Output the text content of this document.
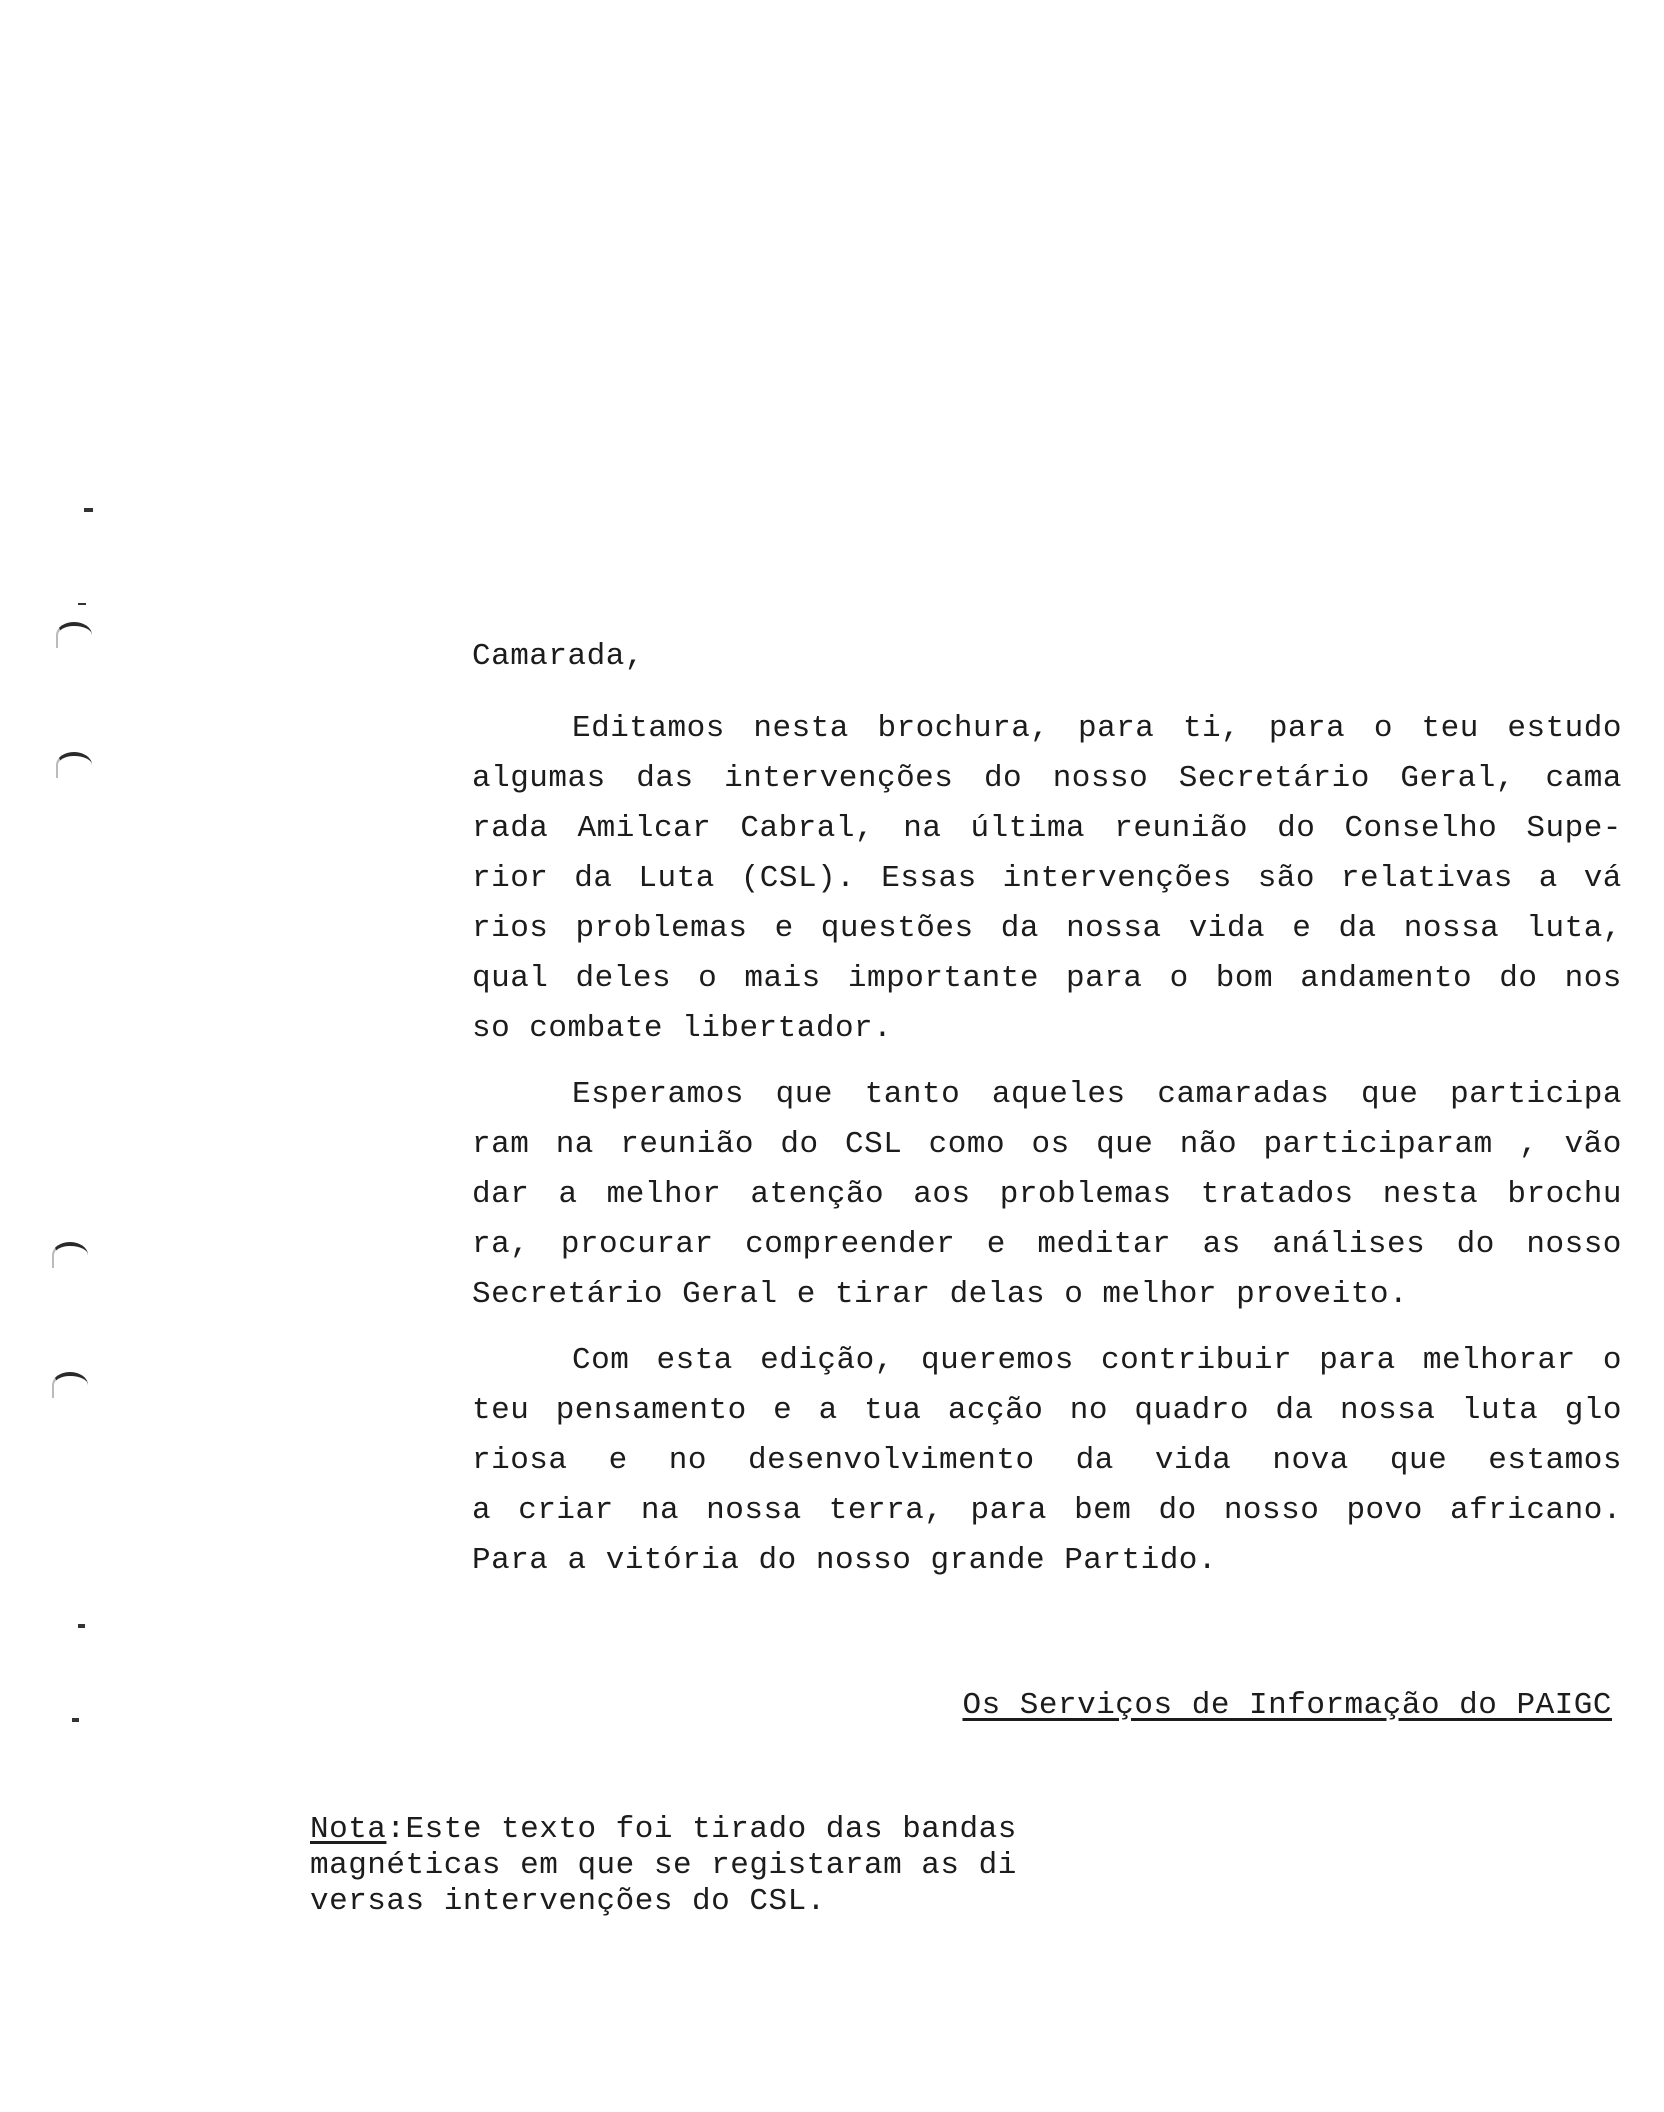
Camarada,
Editamos nesta brochura, para ti, para o teu estudo
algumas das intervenções do nosso Secretário Geral, cama
rada Amilcar Cabral, na última reunião do Conselho Supe-
rior da Luta (CSL). Essas intervenções são relativas a vá
rios problemas e questões da nossa vida e da nossa luta,
qual deles o mais importante para o bom andamento do nos
so combate libertador.
Esperamos que tanto aqueles camaradas que participa
ram na reunião do CSL como os que não participaram , vão
dar a melhor atenção aos problemas tratados nesta brochu
ra, procurar compreender e meditar as análises do nosso
Secretário Geral e tirar delas o melhor proveito.
Com esta edição, queremos contribuir para melhorar o
teu pensamento e a tua acção no quadro da nossa luta glo
riosa e no desenvolvimento da vida nova que estamos
a criar na nossa terra, para bem do nosso povo africano.
Para a vitória do nosso grande Partido.
Os Serviços de Informação do PAIGC
Nota:Este texto foi tirado das bandas
magnéticas em que se registaram as di
versas intervenções do CSL.
